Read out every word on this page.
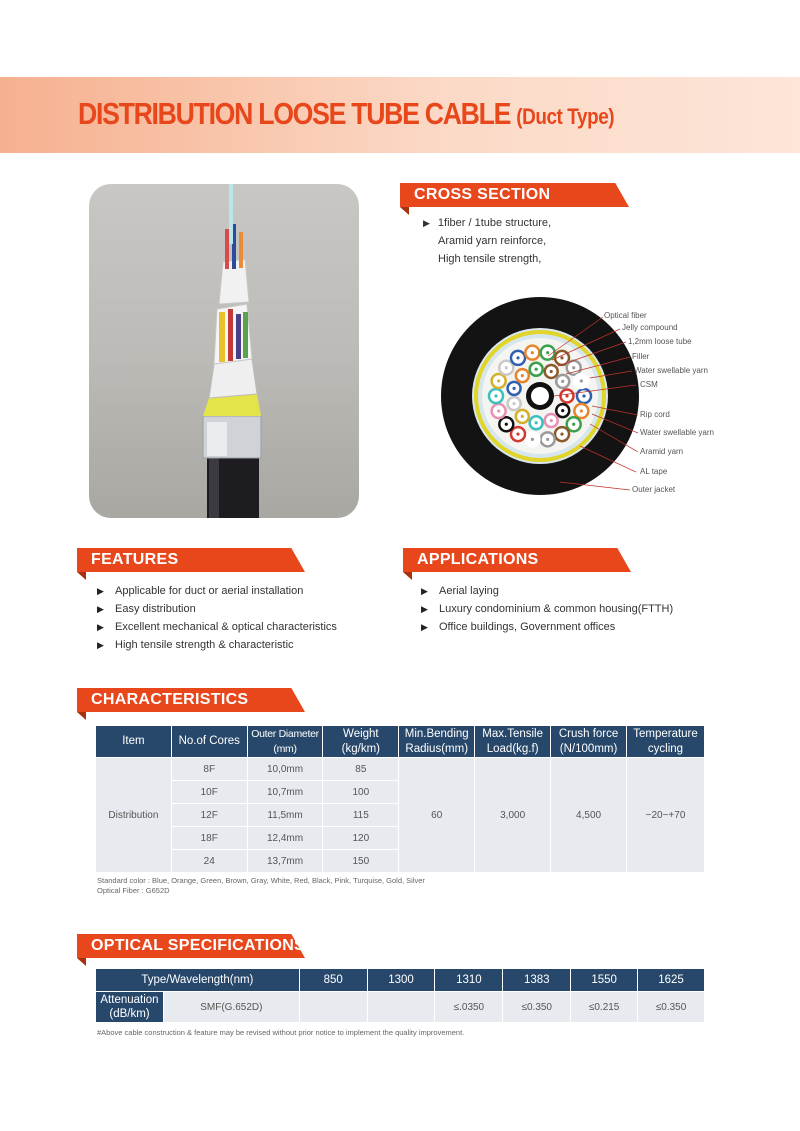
DISTRIBUTION LOOSE TUBE CABLE (Duct Type)
CROSS SECTION
▶ 1fiber / 1tube structure,
Aramid yarn reinforce,
High tensile strength,
Optical fiber
Jelly compound
1,2mm loose tube
Filler
Water swellable yarn
CSM
Rip cord
Water swellable yarn
Aramid yarn
AL tape
Outer jacket
FEATURES
▶ Applicable for duct or aerial installation
▶ Easy distribution
▶ Excellent mechanical & optical characteristics
▶ High tensile strength & characteristic
APPLICATIONS
▶ Aerial laying
▶ Luxury condominium & common housing(FTTH)
▶ Office buildings, Government offices
CHARACTERISTICS
Item	No.of Cores	Outer Diameter (mm)	Weight (kg/km)	Min.Bending Radius(mm)	Max.Tensile Load(kg.f)	Crush force (N/100mm)	Temperature cycling
Distribution	8F	10,0mm	85	60	3,000	4,500	−20~+70
	10F	10,7mm	100				
	12F	11,5mm	115				
	18F	12,4mm	120				
	24	13,7mm	150				
Standard color : Blue, Orange, Green, Brown, Gray, White, Red, Black, Pink, Turquise, Gold, Silver
Optical Fiber : G652D
OPTICAL SPECIFICATIONS
Type/Wavelength(nm)		850	1300	1310	1383	1550	1625
Attenuation (dB/km)	SMF(G.652D)			≤.0350	≤0.350	≤0.215	≤0.350
#Above cable construction & feature may be revised without prior notice to implement the quality improvement.
